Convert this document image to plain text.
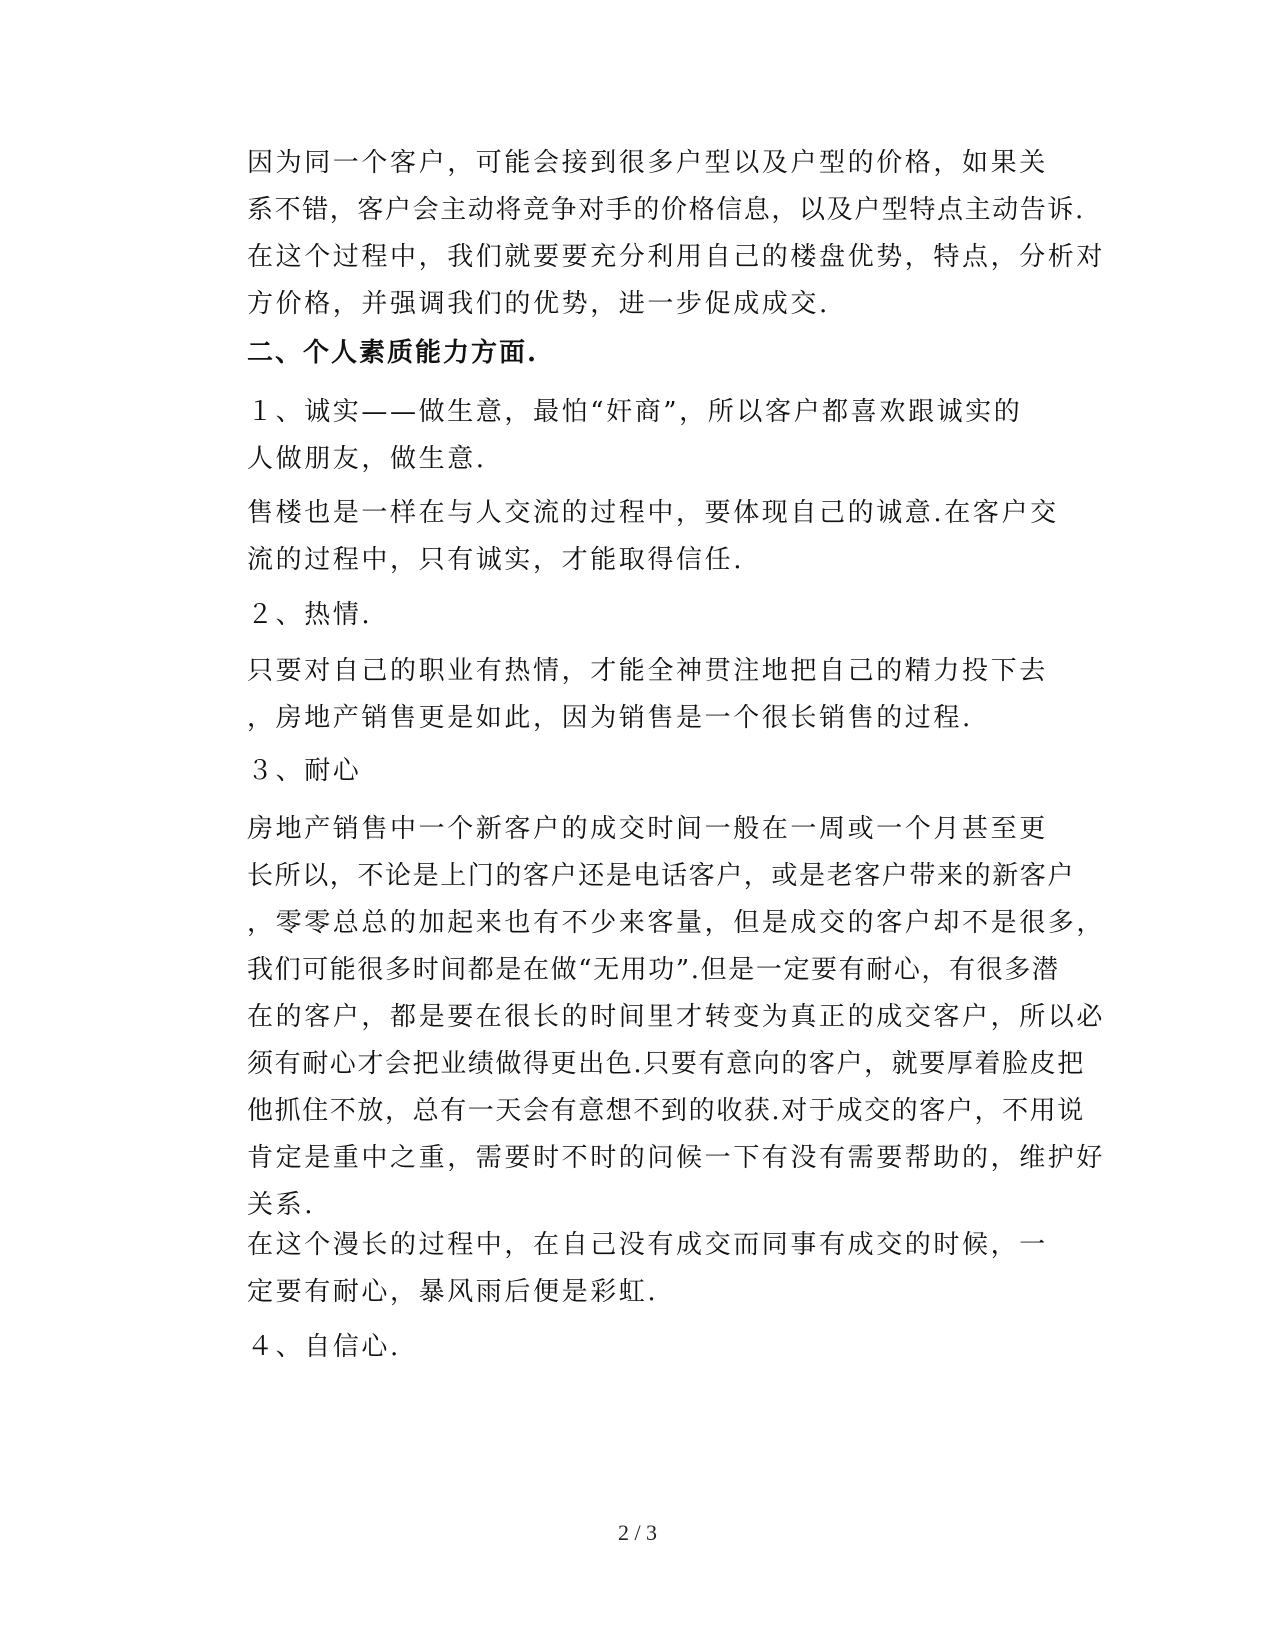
因为同一个客户，可能会接到很多户型以及户型的价格，如果关
系不错，客户会主动将竞争对手的价格信息，以及户型特点主动告诉.
在这个过程中，我们就要要充分利用自己的楼盘优势，特点，分析对
方价格，并强调我们的优势，进一步促成成交.

二、个人素质能力方面.

１、诚实——做生意，最怕“奸商”，所以客户都喜欢跟诚实的
人做朋友，做生意.

售楼也是一样在与人交流的过程中，要体现自己的诚意.在客户交
流的过程中，只有诚实，才能取得信任.

２、热情.

只要对自己的职业有热情，才能全神贯注地把自己的精力投下去
，房地产销售更是如此，因为销售是一个很长销售的过程.

３、耐心

房地产销售中一个新客户的成交时间一般在一周或一个月甚至更
长所以，不论是上门的客户还是电话客户，或是老客户带来的新客户
，零零总总的加起来也有不少来客量，但是成交的客户却不是很多，
我们可能很多时间都是在做“无用功”.但是一定要有耐心，有很多潜
在的客户，都是要在很长的时间里才转变为真正的成交客户，所以必
须有耐心才会把业绩做得更出色.只要有意向的客户，就要厚着脸皮把
他抓住不放，总有一天会有意想不到的收获.对于成交的客户，不用说
肯定是重中之重，需要时不时的问候一下有没有需要帮助的，维护好
关系.

在这个漫长的过程中，在自己没有成交而同事有成交的时候，一
定要有耐心，暴风雨后便是彩虹.

４、自信心.

2 / 3
